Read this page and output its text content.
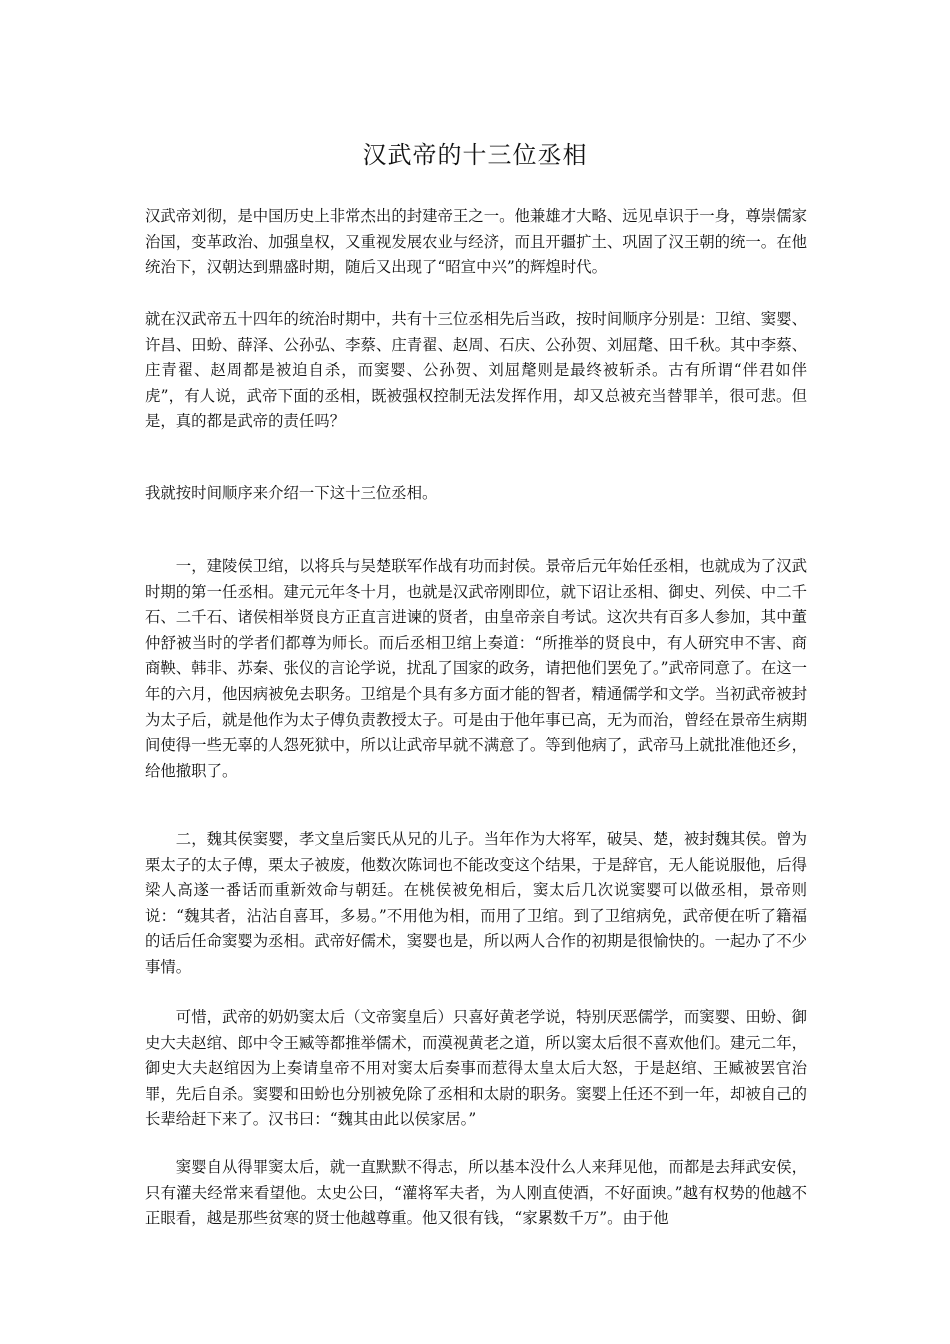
汉武帝的十三位丞相

汉武帝刘彻，是中国历史上非常杰出的封建帝王之一。他兼雄才大略、远见卓识于一身，尊崇儒家治国，变革政治、加强皇权，又重视发展农业与经济，而且开疆扩土、巩固了汉王朝的统一。在他统治下，汉朝达到鼎盛时期，随后又出现了“昭宣中兴”的辉煌时代。

就在汉武帝五十四年的统治时期中，共有十三位丞相先后当政，按时间顺序分别是：卫绾、窦婴、许昌、田蚡、薛泽、公孙弘、李蔡、庄青翟、赵周、石庆、公孙贺、刘屈氂、田千秋。其中李蔡、庄青翟、赵周都是被迫自杀，而窦婴、公孙贺、刘屈氂则是最终被斩杀。古有所谓“伴君如伴虎”，有人说，武帝下面的丞相，既被强权控制无法发挥作用，却又总被充当替罪羊，很可悲。但是，真的都是武帝的责任吗？

我就按时间顺序来介绍一下这十三位丞相。

一，建陵侯卫绾，以将兵与吴楚联军作战有功而封侯。景帝后元年始任丞相，也就成为了汉武时期的第一任丞相。建元元年冬十月，也就是汉武帝刚即位，就下诏让丞相、御史、列侯、中二千石、二千石、诸侯相举贤良方正直言进谏的贤者，由皇帝亲自考试。这次共有百多人参加，其中董仲舒被当时的学者们都尊为师长。而后丞相卫绾上奏道：“所推举的贤良中，有人研究申不害、商商鞅、韩非、苏秦、张仪的言论学说，扰乱了国家的政务，请把他们罢免了。”武帝同意了。在这一年的六月，他因病被免去职务。卫绾是个具有多方面才能的智者，精通儒学和文学。当初武帝被封为太子后，就是他作为太子傅负责教授太子。可是由于他年事已高，无为而治，曾经在景帝生病期间使得一些无辜的人怨死狱中，所以让武帝早就不满意了。等到他病了，武帝马上就批准他还乡，给他撤职了。

二，魏其侯窦婴，孝文皇后窦氏从兄的儿子。当年作为大将军，破吴、楚，被封魏其侯。曾为栗太子的太子傅，栗太子被废，他数次陈词也不能改变这个结果，于是辞官，无人能说服他，后得梁人高遂一番话而重新效命与朝廷。在桃侯被免相后，窦太后几次说窦婴可以做丞相，景帝则说：“魏其者，沾沾自喜耳，多易。”不用他为相，而用了卫绾。到了卫绾病免，武帝便在听了籍福的话后任命窦婴为丞相。武帝好儒术，窦婴也是，所以两人合作的初期是很愉快的。一起办了不少事情。

可惜，武帝的奶奶窦太后（文帝窦皇后）只喜好黄老学说，特别厌恶儒学，而窦婴、田蚡、御史大夫赵绾、郎中令王臧等都推举儒术，而漠视黄老之道，所以窦太后很不喜欢他们。建元二年，御史大夫赵绾因为上奏请皇帝不用对窦太后奏事而惹得太皇太后大怒，于是赵绾、王臧被罢官治罪，先后自杀。窦婴和田蚡也分别被免除了丞相和太尉的职务。窦婴上任还不到一年，却被自己的长辈给赶下来了。汉书曰：“魏其由此以侯家居。”

窦婴自从得罪窦太后，就一直默默不得志，所以基本没什么人来拜见他，而都是去拜武安侯，只有灌夫经常来看望他。太史公曰，“灌将军夫者，为人刚直使酒，不好面谀。”越有权势的他越不正眼看，越是那些贫寒的贤士他越尊重。他又很有钱，“家累数千万”。由于他
